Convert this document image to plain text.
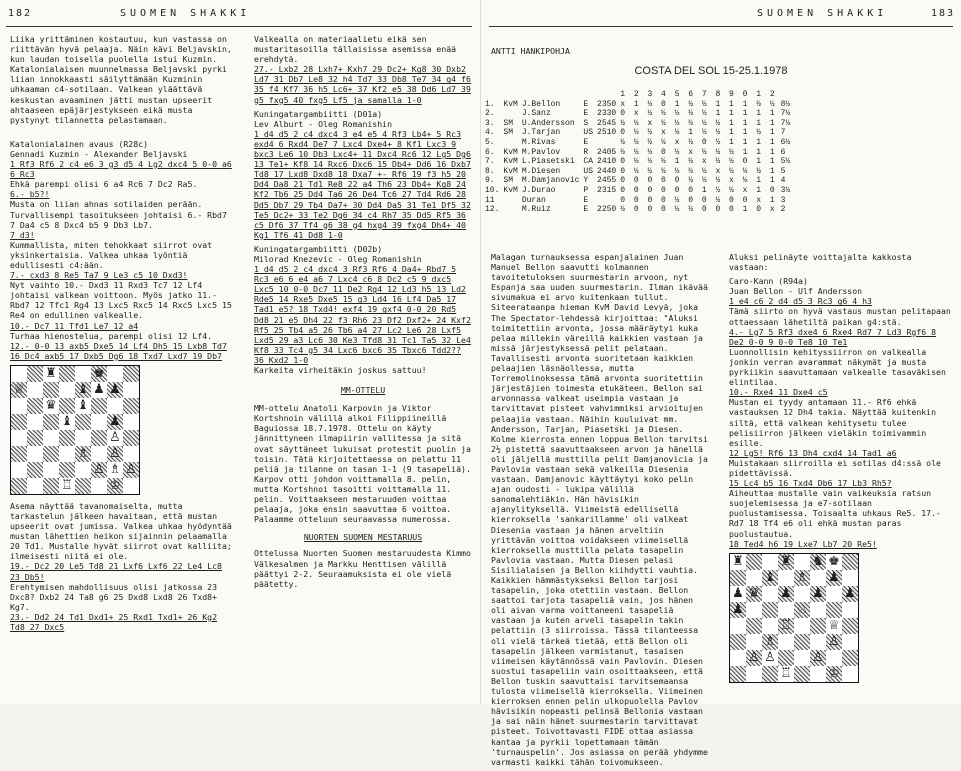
182	SUOMEN SHAKKI

Liika yrittäminen kostautuu, kun vastassa on riittävän hyvä pelaaja. Näin kävi Beljavskin, kun laudan toisella puolella istui Kuzmin. Katalonialaisen muunnelmassa Beljavski pyrki liian innokkaasti säilyttämään Kuzminin uhkaaman c4-sotilaan. Valkean yläättävä keskustan avaaminen jätti mustan upseerit ahtaaseen epäjärjestykseen eikä musta pystynyt tilannetta pelastamaan.

Katalonialainen avaus (R28c)

Gennadi Kuzmin - Alexander Beljavski

1 Rf3 Rf6 2 c4 e6 3 g3 d5 4 Lg2 dxc4 5 0-0 a6 6 Rc3

Ehkä parempi olisi 6 a4 Rc6 7 Dc2 Ra5.

6.- b5?!

Musta on liian ahnas sotilaiden perään. Turvallisempi tasoitukseen johtaisi 6.- Rbd7 7 Da4 c5 8 Dxc4 b5 9 Db3 Lb7.

7 d3!

Kummallista, miten tehokkaat siirrot ovat yksinkertaisia. Valkea uhkaa lyöntiä edullisesti c4:ään.

7.- cxd3 8 Re5 Ta7 9 Le3 c5 10 Dxd3!

Nyt vaihto 10.- Dxd3 11 Rxd3 Tc7 12 Lf4 johtaisi valkean voittoon. Myös jatko 11.- Rbd7 12 Tfc1 Rg4 13 Lxc5 Rxc5 14 Rxc5 Lxc5 15 Re4 on edullinen valkealle.

10.- Dc7 11 Tfd1 Le7 12 a4

Turhaa hienostelua, parempi olisi 12 Lf4.

12.- 0-0 13 axb5 Dxe5 14 Lf4 Dh5 15 Lxb8 Td7 16 Dc4 axb5 17 Dxb5 Dg6 18 Txd7 Lxd7 19 Db7

♜	♚
♕	♝ ♟ ♟
♛ ♝
♝	♟
♙
♗ ♙
♙ ♗ ♙
♖	♔

Asema näyttää tavanomaiselta, mutta tarkastelun jälkeen havaitaan, että mustan upseerit ovat jumissa. Valkea uhkaa hyödyntää mustan lähettien heikon sijainnin pelaamalla 20 Td1. Mustalle hyvät siirrot ovat kalliita; ilmeisesti niitä ei ole.

19.- Dc2 20 Le5 Td8 21 Lxf6 Lxf6 22 Le4 Lc8 23 Db5!

Erehtymisen mahdollisuus olisi jatkossa 23 Dxc8? Dxb2 24 Ta8 g6 25 Dxd8 Lxd8 26 Txd8+ Kg7.

23.- Dd2 24 Td1 Dxd1+ 25 Rxd1 Txd1+ 26 Kg2 Td8 27 Dxc5

Valkealla on materiaalietu eikä sen mustaritasoilla tällaisissa asemissa enää erehdytä.

27.- Lxb2 28 Lxh7+ Kxh7 29 Dc2+ Kg8 30 Dxb2 Ld7 31 Db7 Le8 32 h4 Td7 33 Db8 Te7 34 g4 f6 35 f4 Kf7 36 h5 Lc6+ 37 Kf2 e5 38 Dd6 Ld7 39 g5 fxg5 40 fxg5 Lf5 ja samalla 1-0

Kuningatargambiitti (D01a)

Lev Alburt - Oleg Romanishin

1 d4 d5 2 c4 dxc4 3 e4 e5 4 Rf3 Lb4+ 5 Rc3 exd4 6 Rxd4 De7 7 Lxc4 Dxe4+ 8 Kf1 Lxc3 9 bxc3 Le6 10 Db3 Lxc4+ 11 Dxc4 Rc6 12 Lg5 Dg6 13 Te1+ Kf8 14 Rxc6 Dxc6 15 Db4+ Dd6 16 Dxb7 Td8 17 Lxd8 Dxd8 18 Dxa7 +- Rf6 19 f3 h5 20 Dd4 Da8 21 Td1 Re8 22 a4 Th6 23 Db4+ Kg8 24 Kf2 Tb6 25 Dd4 Ta6 26 De4 Tc6 27 Td4 Rd6 28 Dd5 Db7 29 Tb4 Da7+ 30 Dd4 Da5 31 Te1 Df5 32 Te5 Dc2+ 33 Te2 Dg6 34 c4 Rh7 35 Dd5 Rf5 36 c5 Df6 37 Tf4 g6 38 g4 hxg4 39 fxg4 Dh4+ 40 Kg1 Tf6 41 Dd8 1-0

Kuningatargambiitti (D02b)

Milorad Knezevic - Oleg Romanishin

1 d4 d5 2 c4 dxc4 3 Rf3 Rf6 4 Da4+ Rbd7 5 Rc3 e6 6 e4 a6 7 Lxc4 c6 8 Dc2 c5 9 dxc5 Lxc5 10 0-0 Dc7 11 De2 Rg4 12 Ld3 h5 13 Ld2 Rde5 14 Rxe5 Dxe5 15 g3 Ld4 16 Lf4 Da5 17 Tad1 e5? 18 Txd4! exf4 19 gxf4 0-0 20 Rd5 Dd8 21 e5 Dh4 22 f3 Rh6 23 Df2 Dxf2+ 24 Kxf2 Rf5 25 Tb4 a5 26 Tb6 a4 27 Lc2 Le6 28 Lxf5 Lxd5 29 a3 Lc6 30 Ke3 Tfd8 31 Tc1 Ta5 32 Le4 Kf8 33 Tc4 g5 34 Lxc6 bxc6 35 Tbxc6 Tdd2?? 36 Kxd2 1-0

Karkeita virheitäkin joskus sattuu!

MM-OTTELU

MM-ottelu Anatoli Karpovin ja Viktor Kortshnoin välillä alkoi Filippiineillä Baguiossa 18.7.1978. Ottelu on käyty jännittyneen ilmapiirin vallitessa ja sitä ovat säyttäneet lukuisat protestit puolin ja toisin. Tätä kirjoitettaessa on pelattu 11 peliä ja tilanne on tasan 1-1 (9 tasapeliä). Karpov otti johdon voittamalla 8. pelin, mutta Kortshnoi tasoitti voittamalla 11. pelin. Voittaakseen mestaruuden voittaa pelaaja, joka ensin saavuttaa 6 voittoa. Palaamme otteluun seuraavassa numerossa.

NUORTEN SUOMEN MESTARUUS

Ottelussa Nuorten Suomen mestaruudesta Kimmo Välkesalmen ja Markku Henttisen välillä päättyi 2-2. Seuraamuksista ei ole vielä päätetty.

SUOMEN SHAKKI	183
ANTTI HANKIPOHJA
COSTA DEL SOL 15-25.1.1978
					1 2 3 4 5 6 7 8 9 0 1 2	
1.	KvM	J.Bellon	E	2350	x 1 ½ 0 1 ½ ½ 1 1 1 ½ ½	8½
2.		J.Sanz	E	2330	0 x ½ ½ ½ ½ ½ 1 1 1 1 1	7½
3.	SM	U.Andersson	S	2545	½ ½ x ½ ½ ½ ½ ½ 1 1 1 1	7½
4.	SM	J.Tarjan	US	2510	0 ½ ½ x ½ 1 ½ ½ 1 1 ½ 1	7
5.		M.Rivas	E		½ ½ ½ ½ x ½ 0 ½ 1 1 1 1	6½
6.	KvM	M.Pavlov	R	2405	½ ½ ½ 0 ½ x ½ ½ ½ 1 1 1	6
7.	KvM	L.Piasetski	CA	2410	0 ½ ½ ½ 1 ½ x ½ ½ 0 1 1	5½
8.	KvM	M.Diesen	US	2440	0 ½ ½ ½ ½ ½ ½ x ½ ½ ½ 1	5
9.	SM	M.Damjanovic	Y	2455	0 0 0 0 0 ½ ½ ½ x ½ 1 1	4
10.	KvM	J.Durao	P	2315	0 0 0 0 0 0 1 ½ ½ x 1 0	3½
11		Duran	E		0 0 0 0 ½ 0 0 ½ 0 0 x 1	3
12.		M.Ruiz	E	2250	½ 0 0 0 ½ ½ 0 0 0 1 0 x	2

Malagan turnauksessa espanjalainen Juan Manuel Bellon saavutti kolmannen tavoitetuloksen suurmestarin arvoon, nyt Espanja saa uuden suurmestarin. Ilman ikävää sivumakua ei arvo kuitenkaan tullut. Siteerataanpa hieman KvM David Levyä, joka The Spectator-lehdessä kirjoittaa: "Aluksi toimitettiin arvonta, jossa määräytyi kuka pelaa millekin väreillä kaikkien vastaan ja missä järjestyksessä pelit pelataan. Tavallisesti arvonta suoritetaan kaikkien pelaajien läsnäollessa, mutta Torremolinoksessa tämä arvonta suoritettiin järjestäjien toimesta etukäteen. Bellon sai arvonnassa valkeat useimpia vastaan ja tarvittavat pisteet vahvimmiksi arvioitujen pelaajia vastaan. Näihin kuuluivat mm. Andersson, Tarjan, Piasetski ja Diesen. Kolme kierrosta ennen loppua Bellon tarvitsi 2½ pistettä saavuttaakseen arvon ja hänellä oli jäljellä musttilla pelit Damjanovicia ja Pavlovia vastaan sekä valkeilla Diesenia vastaan. Damjanovic käyttäytyi koko pelin ajan oudosti - lukipa välillä sanomalehtiäkin. Hän hävisikin ajanylityksellä. Viimeistä edellisellä kierroksella 'sankarillamme' oli valkeat Diesenia vastaan ja hänen arveltiin yrittävän voittoa voidakseen viimeisellä kierroksella musttilla pelata tasapelin Pavlovia vastaan. Mutta Diesen pelasi Sisilialaisen ja Bellon kiihdytti vauhtia. Kaikkien hämmästykseksi Bellon tarjosi tasapelin, joka otettiin vastaan. Bellon saattoi tarjota tasapeliä vain, jos hänen oli aivan varma voittaneeni tasapeliä vastaan ja kuten arveli tasapelin takin pelattiin (3 siirroissa. Tässä tilanteessa oli vielä tärkeä tietää, että Bellon oli tasapelin jälkeen varmistanut, tasaisen viimeisen käytännössä vain Pavlovin. Diesen suostui tasapeliin vain osoittaakseen, että Bellon tuskin saavuttaisi tarvitsemaansa tulosta viimeisellä kierroksella. Viimeinen kierroksen ennen pelin ulkopuolella Pavlov hävisikin nopeasti pelinsä Bellonia vastaan ja sai näin hänet suurmestarin tarvittavat pisteet. Toivottavasti FIDE ottaa asiassa kantaa ja pyrkii lopettamaan tämän 'turnauspelin'. Jos asiassa on perää yhdymme varmasti kaikki tähän toivomukseen.

Aluksi pelinäyte voittajalta kakkosta vastaan:

Caro-Kann (R94a)

Juan Bellon - Ulf Andersson

1 e4 c6 2 d4 d5 3 Rc3 g6 4 h3

Tämä siirto on hyvä vastaus mustan pelitapaan ottaessaan lähetiltä paikan g4:stä.

4.- Lg7 5 Rf3 dxe4 6 Rxe4 Rd7 7 Ld3 Rgf6 8 De2 0-0 9 0-0 Te8 10 Te1

Luonnollisin kehityssiirron on valkealla jonkin verran avarammat näkymät ja musta pyrkiikin saavuttamaan valkealle tasaväkisen elintilaa.

10.- Rxe4 11 Dxe4 c5

Mustan ei tyydy antamaan 11.- Rf6 ehkä vastauksen 12 Dh4 takia. Näyttää kuitenkin siltä, että valkean kehitysetu tulee pelisiirron jälkeen vieläkin toimivammin esille.

12 Lg5! Rf6 13 Dh4 cxd4 14 Tad1 a6

Muistakaan siirroilla ei sotilas d4:ssä ole pidettävissä.

15 Lc4 b5 16 Txd4 Db6 17 Lb3 Rh5?

Aiheuttaa mustalle vain vaikeuksia ratsun suojelemisessa ja e7-sotilaan puolustamisessa. Toisaalta uhkaus Re5. 17.- Rd7 18 Tf4 e6 oli ehkä mustan paras puolustautua.

18 Ted4 h6 19 Lxe7 Lb7 20 Re5!

♜	♜ ♞ ♚
♝ ♗ ♟
♟ ♛ ♟ ♟ ♟
♟	♘
♖	♕
♗	♙
♙ ♙	♙
♖	♔
